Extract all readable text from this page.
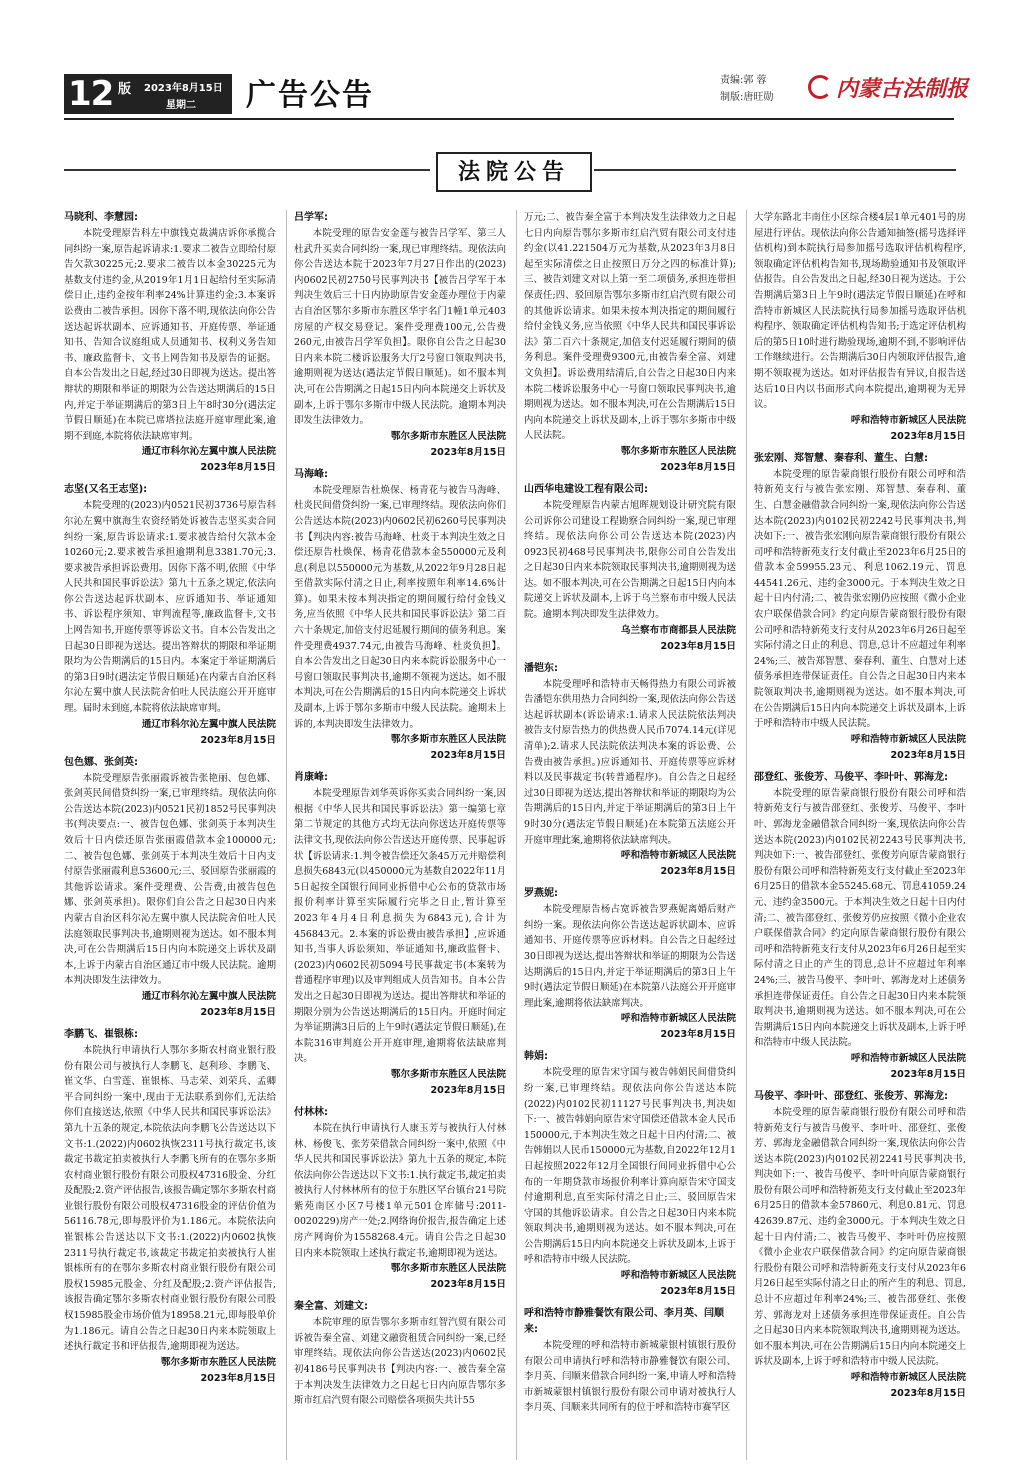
12 版 2023年8月15日
星期二 广告公告	责编:郭 蓉
制版:唐旺勋	内蒙古法制报
法院公告
马晓利、李慧园:

本院受理原告科左中旗钱克裁满店诉你承揽合同纠纷一案,原告起诉请求:1.要求二被告立即给付原告欠款30225元;2.要求二被告以本金30225元为基数支付违约金,从2019年1月1日起给付至实际清偿日止,违约金按年利率24%计算违约金;3.本案诉讼费由二被告承担。因你下落不明,现依法向你公告送达起诉状副本、应诉通知书、开庭传票、举证通知书、告知合议庭组成人员通知书、权利义务告知书、廉政监督卡、文书上网告知书及原告的证据。自本公告发出之日起,经过30日即视为送达。提出答辩状的期限和举证的期限为公告送达期满后的15日内,并定于举证期满后的第3日上午8时30分(遇法定节假日顺延)在本院已席塔拉法庭开庭审理此案,逾期不到庭,本院将依法缺席审判。

通辽市科尔沁左翼中旗人民法院
2023年8月15日
志坚(又名王志坚):

本院受理的(2023)内0521民初3736号原告科尔沁左翼中旗海生农资经销处诉被告志坚买卖合同纠纷一案,原告诉讼请求:1.要求被告给付欠款本金10260元;2.要求被告承担逾期利息3381.70元;3.要求被告承担诉讼费用。因你下落不明,依照《中华人民共和国民事诉讼法》第九十五条之规定,依法向你公告送达起诉状副本、应诉通知书、举证通知书、诉讼程序须知、审判流程等,廉政监督卡,文书上网告知书,开庭传票等诉讼文书。自本公告发出之日起30日即视为送达。提出答辩状的期限和举证期限均为公告期满后的15日内。本案定于举证期满后的第3日9时(遇法定节假日顺延)在内蒙古自治区科尔沁左翼中旗人民法院舍伯吐人民法庭公开开庭审理。届时未到庭,本院将依法缺席审判。

通辽市科尔沁左翼中旗人民法院
2023年8月15日
包色娜、张剑英:

本院受理原告张丽霞诉被告张艳丽、包色娜、张剑英民间借贷纠纷一案,已审理终结。现依法向你公告送达本院(2023)内0521民初1852号民事判决书(判决要点:一、被告包色娜、张剑英于本判决生效后十日内偿还原告张丽霞借款本金100000元;二、被告包色娜、张剑英于本判决生效后十日内支付原告张丽霞利息53600元;三、驳回原告张丽霞的其他诉讼请求。案件受理费、公告费,由被告包色娜、张剑英承担)。限你们自公告之日起30日内来内蒙古自治区科尔沁左翼中旗人民法院舍伯吐人民法庭领取民事判决书,逾期则视为送达。如不服本判决,可在公告期满后15日内向本院递交上诉状及副本,上诉于内蒙古自治区通辽市中级人民法院。逾期本判决即发生法律效力。

通辽市科尔沁左翼中旗人民法院
2023年8月15日
李鹏飞、崔银栋:

本院执行申请执行人鄂尔多斯农村商业银行股份有限公司与被执行人李鹏飞、赵利珍、李鹏飞、崔文华、白雪莲、崔银栋、马志荣、刘荣兵、孟卿平合同纠纷一案中,现由于无法联系到你们,无法给你们直接送达,依照《中华人民共和国民事诉讼法》第九十五条的规定,本院依法向李鹏飞公告送达以下文书:1.(2022)内0602执恢2311号执行裁定书,该裁定书裁定拍卖被执行人李鹏飞所有的在鄂尔多斯农村商业银行股份有限公司股权47316股金、分红及配股;2.资产评估报告,该报告确定鄂尔多斯农村商业银行股份有限公司股权47316股金的评估价值为56116.78元,即每股评价为1.186元。本院依法向崔银栋公告送达以下文书:1.(2022)内0602执恢2311号执行裁定书,该裁定书裁定拍卖被执行人崔银栋所有的在鄂尔多斯农村商业银行股份有限公司股权15985元股金、分红及配股;2.资产评估报告,该报告确定鄂尔多斯农村商业银行股份有限公司股权15985股金市场价值为18958.21元,即每股单价为1.186元。请自公告之日起30日内来本院领取上述执行裁定书和评估报告,逾期即视为送达。

鄂尔多斯市东胜区人民法院
2023年8月15日
吕学军:

本院受理的原告安金莲与被告吕学军、第三人杜武升买卖合同纠纷一案,现已审理终结。现依法向你公告送达本院于2023年7月27日作出的(2023)内0602民初2750号民事判决书【被告吕学军于本判决生效后三十日内协助原告安金莲办理位于内蒙古自治区鄂尔多斯市东胜区华宇名门1幢1单元403房屋的产权交易登记。案件受理费100元,公告费260元,由被告吕学军负担】。限你自公告之日起30日内来本院二楼诉讼服务大厅2号窗口领取判决书,逾期则视为送达(遇法定节假日顺延)。如不服本判决,可在公告期满之日起15日内向本院递交上诉状及副本,上诉于鄂尔多斯市中级人民法院。逾期本判决即发生法律效力。

鄂尔多斯市东胜区人民法院
2023年8月15日
马海峰:

本院受理原告杜焕保、杨青花与被告马海峰、杜炎民间借贷纠纷一案,已审理终结。现依法向你们公告送达本院(2023)内0602民初6260号民事判决书【判决内容:被告马海峰、杜炎于本判决生效之日偿还原告杜焕保、杨青花借款本金550000元及利息(利息以550000元为基数,从2022年9月28日起至借款实际付清之日止,利率按照年利率14.6%计算)。如果未按本判决指定的期间履行给付金钱义务,应当依照《中华人民共和国民事诉讼法》第二百六十条规定,加倍支付迟延履行期间的债务利息。案件受理费4937.74元,由被告马海峰、杜炎负担】。自本公告发出之日起30日内来本院诉讼服务中心一号窗口领取民事判决书,逾期不领视为送达。如不服本判决,可在公告期满后的15日内向本院递交上诉状及副本,上诉于鄂尔多斯市中级人民法院。逾期未上诉的,本判决即发生法律效力。

鄂尔多斯市东胜区人民法院
2023年8月15日
肖康峰:

本院受理原告刘华英诉你买卖合同纠纷一案,因根据《中华人民共和国民事诉讼法》第一编第七章第二节规定的其他方式均无法向你送达开庭传票等法律文书,现依法向你公告送达开庭传票、民事起诉状【诉讼请求:1.判令被告偿还欠条45万元并赔偿利息损失6843元(以450000元为基数自2022年11月5日起按全国银行间同业拆借中心公布的贷款市场报价利率计算至实际履行完毕之日止,暂计算至2023年4月4日利息损失为6843元),合计为456843元。2.本案的诉讼费由被告承担】,应诉通知书,当事人诉讼须知、举证通知书,廉政监督卡、(2023)内0602民初5094号民事裁定书(本案转为普通程序审理)以及审判组成人员告知书。自本公告发出之日起30日即视为送达。提出答辩状和举证的期限分别为公告送达期满后的15日内。开庭时间定为举证期满3日后的上午9时(遇法定节假日顺延),在本院316审判庭公开开庭审理,逾期将依法缺席判决。

鄂尔多斯市东胜区人民法院
2023年8月15日
付林林:

本院在执行申请执行人康玉芳与被执行人付林林、杨俊飞、张芳荣借款合同纠纷一案中,依照《中华人民共和国民事诉讼法》第九十五条的规定,本院依法向你公告送达以下文书:1.执行裁定书,裁定拍卖被执行人付林林所有的位于东胜区罕台镇台21号院紫苑南区小区7号楼1单元501仓库储号:2011-0020229)房产一处;2.网络询价报告,报告确定上述房产网询价为1558268.4元。请自公告之日起30日内来本院领取上述执行裁定书,逾期即视为送达。

鄂尔多斯市东胜区人民法院
2023年8月15日
秦全富、刘建文:

本院审理的原告鄂尔多斯市红智汽贸有限公司诉被告秦全富、刘建文融资租赁合同纠纷一案,已经审理终结。现依法向你公告送达(2023)内0602民初4186号民事判决书【判决内容:一、被告秦全富于本判决发生法律效力之日起七日内向原告鄂尔多斯市红启汽贸有限公司赔偿各项损失共计55

万元;二、被告秦全富于本判决发生法律效力之日起七日内向原告鄂尔多斯市红启汽贸有限公司支付违约金(以41.221504万元为基数,从2023年3月8日起至实际清偿之日止按照日万分之四的标准计算);三、被告刘建文对以上第一至二项债务,承担连带担保责任;四、驳回原告鄂尔多斯市红启汽贸有限公司的其他诉讼请求。如果未按本判决指定的期间履行给付金钱义务,应当依照《中华人民共和国民事诉讼法》第二百六十条规定,加倍支付迟延履行期间的债务利息。案件受理费9300元,由被告秦全富、刘建文负担】。诉讼费用结清后,自公告之日起30日内来本院二楼诉讼服务中心一号窗口领取民事判决书,逾期则视为送达。如不服本判决,可在公告期满后15日内向本院递交上诉状及副本,上诉于鄂尔多斯市中级人民法院。

鄂尔多斯市东胜区人民法院
2023年8月15日
山西华电建设工程有限公司:

本院受理原告内蒙古旭晖规划设计研究院有限公司诉你公司建设工程勘察合同纠纷一案,现已审理终结。现依法向你公司公告送达本院(2023)内0923民初468号民事判决书,限你公司自公告发出之日起30日内来本院领取民事判决书,逾期则视为送达。如不服本判决,可在公告期满之日起15日内向本院递交上诉状及副本,上诉于乌兰察布市中级人民法院。逾期本判决即发生法律效力。

乌兰察布市商都县人民法院
2023年8月15日
潘铠东:

本院受理呼和浩特市天畅得热力有限公司诉被告潘铠东供用热力合同纠纷一案,现依法向你公告送达起诉状副本(诉讼请求:1.请求人民法院依法判决被告支付原告热力的供热费人民币7074.14元(详见清单);2.请求人民法院依法判决本案的诉讼费、公告费由被告承担。)应诉通知书、开庭传票等应诉材料以及民事裁定书(转普通程序)。自公告之日起经过30日即视为送达,提出答辩状和举证的期限均为公告期满后的15日内,并定于举证期满后的第3日上午9时30分(遇法定节假日顺延)在本院第五法庭公开开庭审理此案,逾期将依法缺席判决。

呼和浩特市新城区人民法院
2023年8月15日
罗燕妮:

本院受理原告杨占宽诉被告罗燕妮离婚后财产纠纷一案。现依法向你公告送达起诉状副本、应诉通知书、开庭传票等应诉材料。自公告之日起经过30日即视为送达,提出答辩状和举证的期限为公告送达期满后的15日内,并定于举证期满后的第3日上午9时(遇法定节假日顺延)在本院第八法庭公开开庭审理此案,逾期将依法缺席判决。

呼和浩特市新城区人民法院
2023年8月15日
韩娟:

本院受理的原告宋守国与被告韩娟民间借贷纠纷一案,已审理终结。现依法向你公告送达本院(2022)内0102民初11127号民事判决书,判决如下:一、被告韩娟向原告宋守国偿还借款本金人民币150000元,于本判决生效之日起十日内付清;二、被告韩娟以人民币150000元为基数,自2022年12月1日起按照2022年12月全国银行间同业拆借中心公布的一年期贷款市场报价利率计算向原告宋守国支付逾期利息,直至实际付清之日止;三、驳回原告宋守国的其他诉讼请求。自公告之日起30日内来本院领取判决书,逾期则视为送达。如不服本判决,可在公告期满后15日内向本院递交上诉状及副本,上诉于呼和浩特市中级人民法院。

呼和浩特市新城区人民法院
2023年8月15日
呼和浩特市静雅餐饮有限公司、李月英、闫顺来:

本院受理的呼和浩特市新城蒙银村镇银行股份有限公司申请执行呼和浩特市静雅餐饮有限公司、李月英、闫顺来借款合同纠纷一案,申请人呼和浩特市新城蒙银村镇银行股份有限公司申请对被执行人李月英、闫顺来共同所有的位于呼和浩特市赛罕区

大学东路北丰南住小区综合楼4层1单元401号的房屋进行评估。现依法向你公告通知抽签(摇号选择评估机构)到本院执行局参加摇号选取评估机构程序,领取确定评估机构告知书,现场勘验通知书及领取评估报告。自公告发出之日起,经30日视为送达。于公告期满后第3日上午9时(遇法定节假日顺延)在呼和浩特市新城区人民法院执行局参加摇号选取评估机构程序、领取确定评估机构告知书;于选定评估机构后的第5日10时进行勘验现场,逾期不到,不影响评估工作继续进行。公告期满后30日内领取评估报告,逾期不领取视为送达。如对评估报告有异议,自报告送达后10日内以书面形式向本院提出,逾期视为无异议。

呼和浩特市新城区人民法院
2023年8月15日
张宏刚、郑智慧、秦春利、董生、白慧:

本院受理的原告蒙商银行股份有限公司呼和浩特新苑支行与被告张宏刚、郑智慧、秦春利、董生、白慧金融借款合同纠纷一案,现依法向你公告送达本院(2023)内0102民初2242号民事判决书,判决如下:一、被告张宏刚向原告蒙商银行股份有限公司呼和浩特新苑支行支付截止至2023年6月25日的借款本金59955.23元、利息1062.19元、罚息44541.26元、违约金3000元。于本判决生效之日起十日内付清;二、被告张宏刚仍应按照《微小企业农户联保借款合同》约定向原告蒙商银行股份有限公司呼和浩特新苑支行支付从2023年6月26日起至实际付清之日止的利息、罚息,总计不应超过年利率24%;三、被告郑智慧、秦春利、董生、白慧对上述债务承担连带保证责任。自公告之日起30日内来本院领取判决书,逾期则视为送达。如不服本判决,可在公告期满后15日内向本院递交上诉状及副本,上诉于呼和浩特市中级人民法院。

呼和浩特市新城区人民法院
2023年8月15日
邵登红、张俊芳、马俊平、李叶叶、郭海龙:

本院受理的原告蒙商银行股份有限公司呼和浩特新苑支行与被告邵登红、张俊芳、马俊平、李叶叶、郭海龙金融借款合同纠纷一案,现依法向你公告送达本院(2023)内0102民初2243号民事判决书,判决如下:一、被告邵登红、张俊芳向原告蒙商银行股份有限公司呼和浩特新苑支行支付截止至2023年6月25日的借款本金55245.68元、罚息41059.24元、违约金3500元。于本判决生效之日起十日内付清;二、被告邵登红、张俊芳仍应按照《微小企业农户联保借款合同》约定向原告蒙商银行股份有限公司呼和浩特新苑支行支付从2023年6月26日起至实际付清之日止的产生的罚息,总计不应超过年利率24%;三、被告马俊平、李叶叶、郭海龙对上述债务承担连带保证责任。自公告之日起30日内来本院领取判决书,逾期则视为送达。如不服本判决,可在公告期满后15日内向本院递交上诉状及副本,上诉于呼和浩特市中级人民法院。

呼和浩特市新城区人民法院
2023年8月15日
马俊平、李叶叶、邵登红、张俊芳、郭海龙:

本院受理的原告蒙商银行股份有限公司呼和浩特新苑支行与被告马俊平、李叶叶、邵登红、张俊芳、郭海龙金融借款合同纠纷一案,现依法向你公告送达本院(2023)内0102民初2241号民事判决书,判决如下:一、被告马俊平、李叶叶向原告蒙商银行股份有限公司呼和浩特新苑支行支付截止至2023年6月25日的借款本金57860元、利息0.81元、罚息42639.87元、违约金3000元。于本判决生效之日起十日内付清;二、被告马俊平、李叶叶仍应按照《微小企业农户联保借款合同》约定向原告蒙商银行股份有限公司呼和浩特新苑支行支付从2023年6月26日起至实际付清之日止的所产生的利息、罚息,总计不应超过年利率24%;三、被告邵登红、张俊芳、郭海龙对上述债务承担连带保证责任。自公告之日起30日内来本院领取判决书,逾期则视为送达。如不服本判决,可在公告期满后15日内向本院递交上诉状及副本,上诉于呼和浩特市中级人民法院。

呼和浩特市新城区人民法院
2023年8月15日
